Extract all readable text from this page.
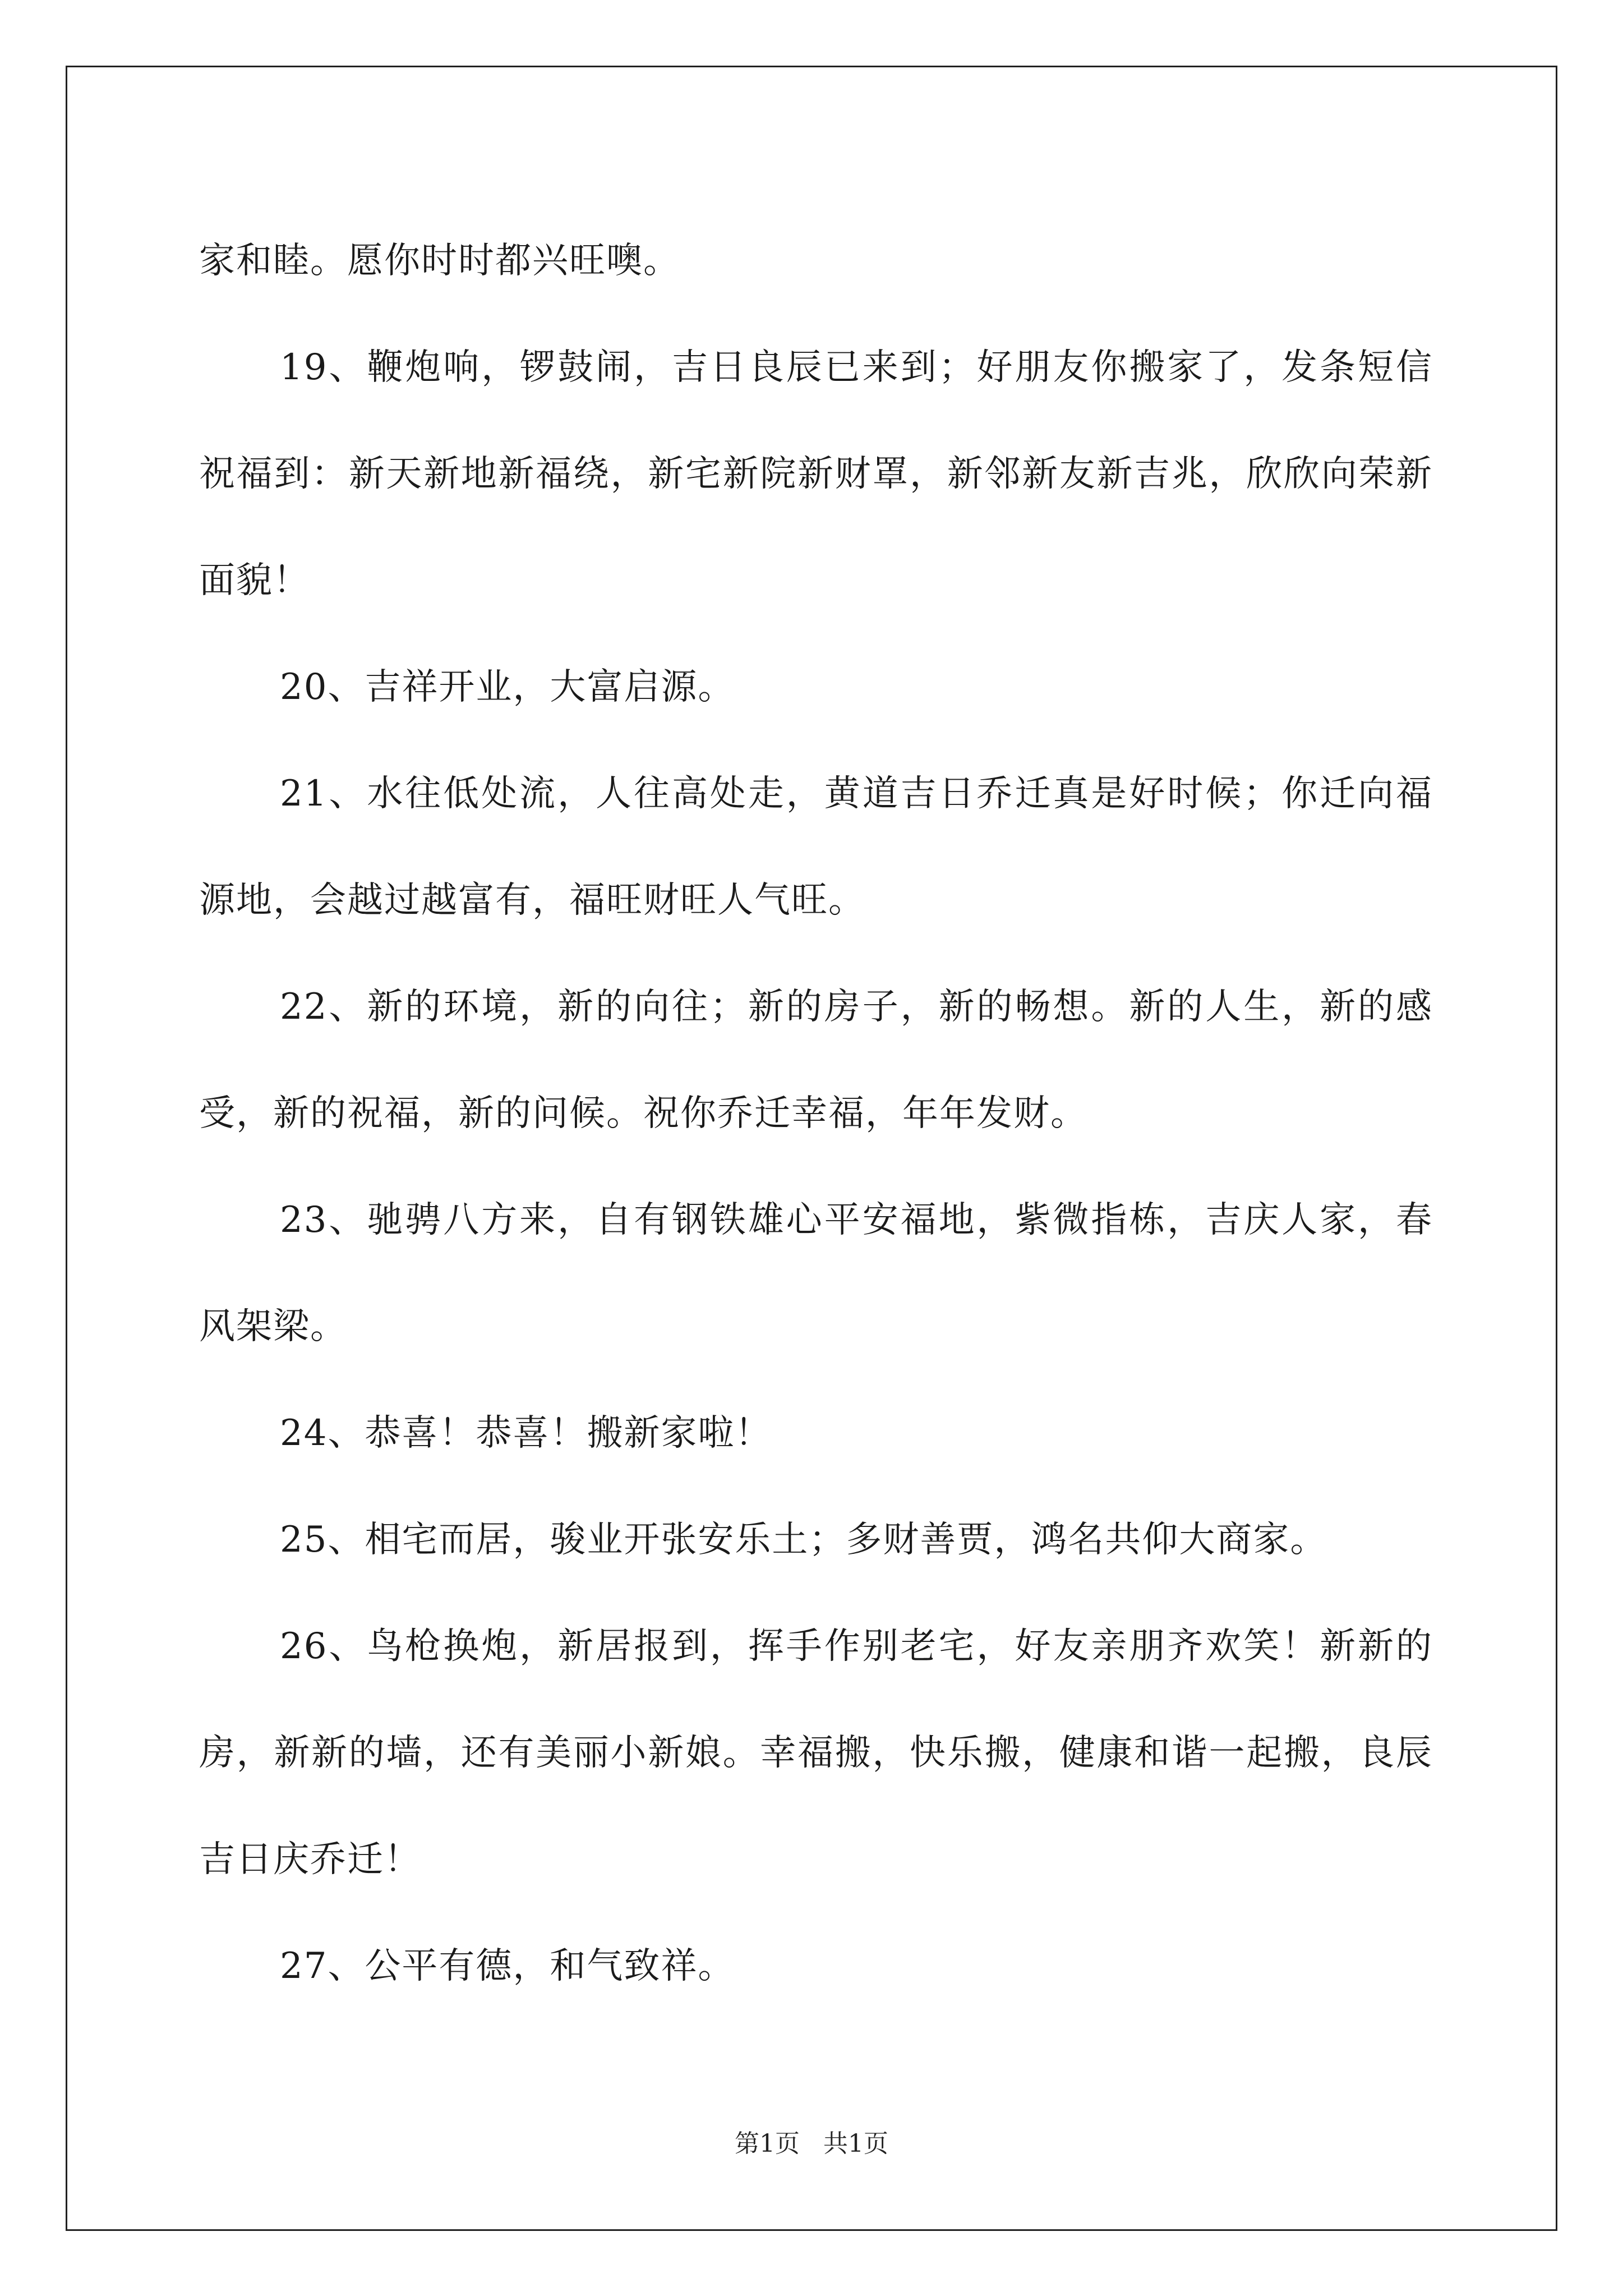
家和睦。愿你时时都兴旺噢。

19、鞭炮响，锣鼓闹，吉日良辰已来到；好朋友你搬家了，发条短信祝福到：新天新地新福绕，新宅新院新财罩，新邻新友新吉兆，欣欣向荣新面貌！

20、吉祥开业，大富启源。

21、水往低处流，人往高处走，黄道吉日乔迁真是好时候；你迁向福源地，会越过越富有，福旺财旺人气旺。

22、新的环境，新的向往；新的房子，新的畅想。新的人生，新的感受，新的祝福，新的问候。祝你乔迁幸福，年年发财。

23、驰骋八方来，自有钢铁雄心平安福地，紫微指栋，吉庆人家，春风架梁。

24、恭喜！恭喜！搬新家啦！

25、相宅而居，骏业开张安乐土；多财善贾，鸿名共仰大商家。

26、鸟枪换炮，新居报到，挥手作别老宅，好友亲朋齐欢笑！新新的房，新新的墙，还有美丽小新娘。幸福搬，快乐搬，健康和谐一起搬，良辰吉日庆乔迁！

27、公平有德，和气致祥。

第1页 共1页
